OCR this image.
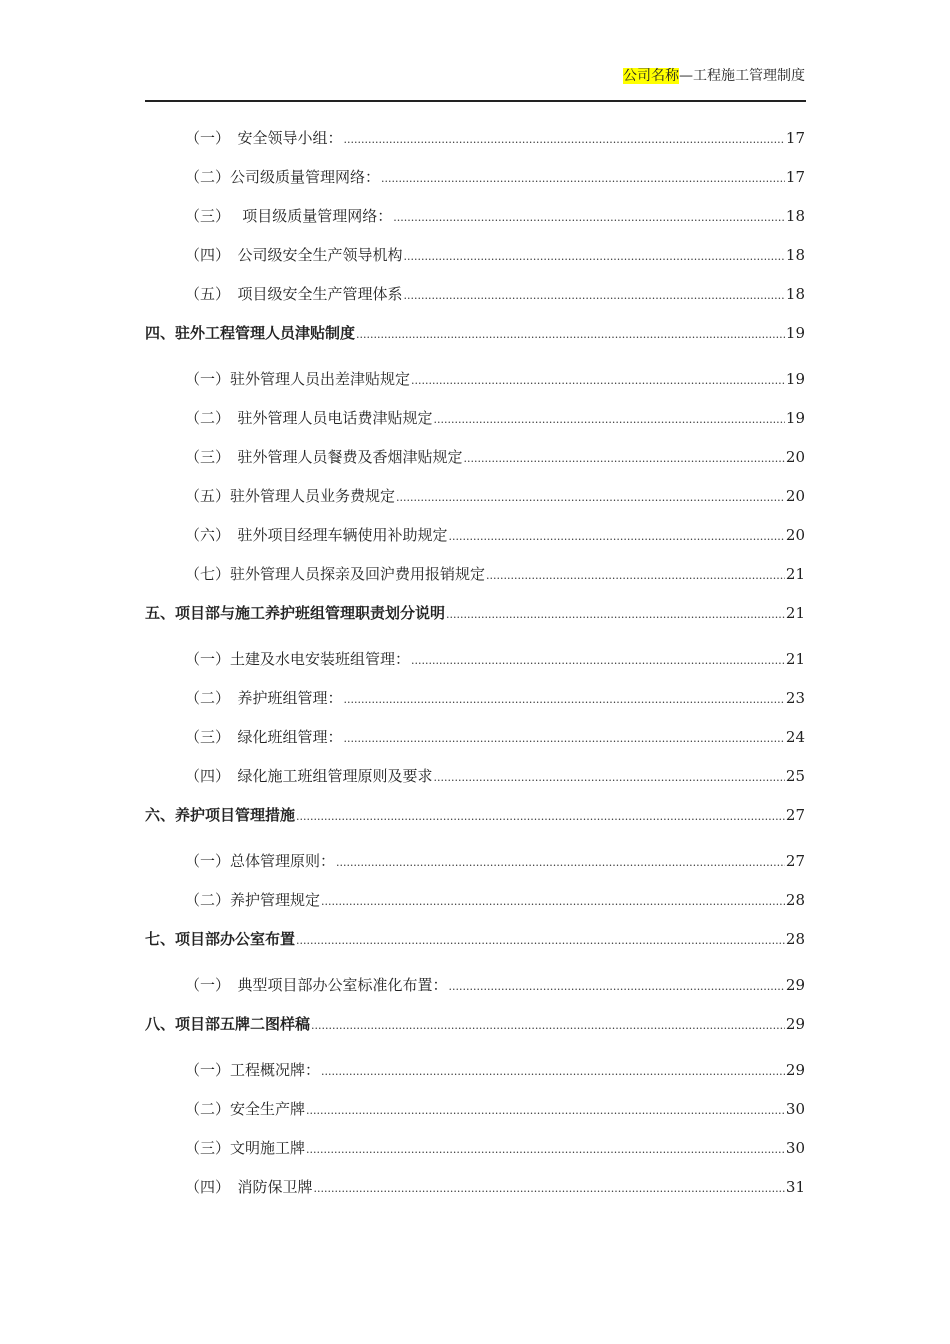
公司名称—工程施工管理制度
（一）　安全领导小组： .....	17
（二）公司级质量管理网络： .....	17
（三）　 项目级质量管理网络： .....	18
（四）　公司级安全生产领导机构 .....	18
（五）　项目级安全生产管理体系 .....	18
四、 驻外工程管理人员津贴制度 .....	19
（一）驻外管理人员出差津贴规定 .....	19
（二）　驻外管理人员电话费津贴规定 .....	19
（三）　驻外管理人员餐费及香烟津贴规定 .....	20
（五）驻外管理人员业务费规定 .....	20
（六）　驻外项目经理车辆使用补助规定 .....	20
（七）驻外管理人员探亲及回沪费用报销规定 .....	21
五、 项目部与施工养护班组管理职责划分说明 .....	21
（一）土建及水电安装班组管理： .....	21
（二）　养护班组管理： .....	23
（三）　绿化班组管理： .....	24
（四）　绿化施工班组管理原则及要求 .....	25
六、 养护项目管理措施 .....	27
（一）总体管理原则： .....	27
（二）养护管理规定 .....	28
七、 项目部办公室布置 .....	28
（一）　典型项目部办公室标准化布置： .....	29
八、 项目部五牌二图样稿 .....	29
（一）工程概况牌： .....	29
（二）安全生产牌 .....	30
（三）文明施工牌 .....	30
（四）　消防保卫牌 .....	31
